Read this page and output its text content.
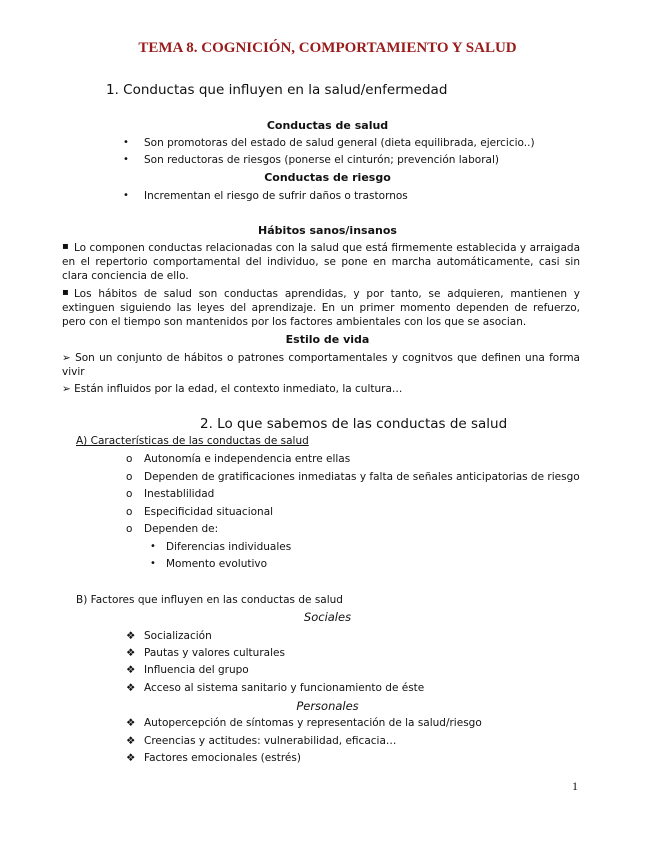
TEMA 8. COGNICIÓN, COMPORTAMIENTO Y SALUD
1. Conductas que influyen en la salud/enfermedad
Conductas de salud
• Son promotoras del estado de salud general (dieta equilibrada, ejercicio..)
• Son reductoras de riesgos (ponerse el cinturón; prevención laboral)
Conductas de riesgo
• Incrementan el riesgo de sufrir daños o trastornos
Hábitos sanos/insanos
▪ Lo componen conductas relacionadas con la salud que está firmemente establecida y arraigada en el repertorio comportamental del individuo, se pone en marcha automáticamente, casi sin clara conciencia de ello.
▪ Los hábitos de salud son conductas aprendidas, y por tanto, se adquieren, mantienen y extinguen siguiendo las leyes del aprendizaje. En un primer momento dependen de refuerzo, pero con el tiempo son mantenidos por los factores ambientales con los que se asocian.
Estilo de vida
➢ Son un conjunto de hábitos o patrones comportamentales y cognitvos que definen una forma vivir
➢ Están influidos por la edad, el contexto inmediato, la cultura…
2. Lo que sabemos de las conductas de salud
A) Características de las conductas de salud
o Autonomía e independencia entre ellas
o Dependen de gratificaciones inmediatas y falta de señales anticipatorias de riesgo
o Inestablilidad
o Especificidad situacional
o Dependen de:
• Diferencias individuales
• Momento evolutivo
B) Factores que influyen en las conductas de salud
Sociales
❖ Socialización
❖ Pautas y valores culturales
❖ Influencia del grupo
❖ Acceso al sistema sanitario y funcionamiento de éste
Personales
❖ Autopercepción de síntomas y representación de la salud/riesgo
❖ Creencias y actitudes: vulnerabilidad, eficacia…
❖ Factores emocionales (estrés)
1
